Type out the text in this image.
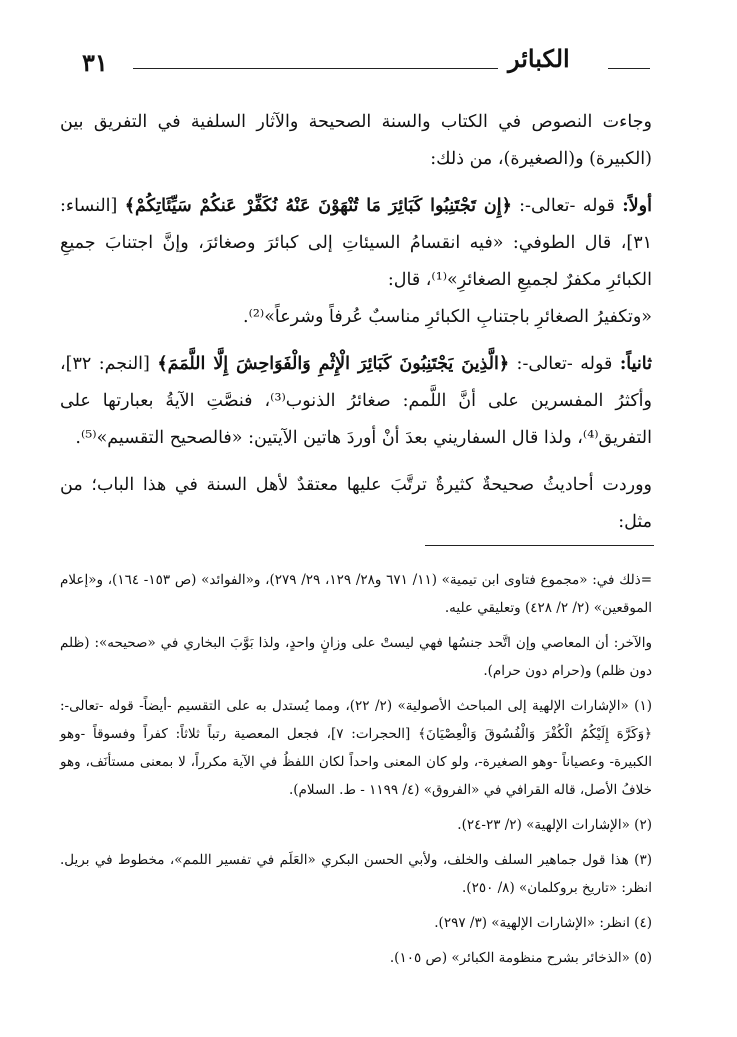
٣١	الكبائر

وجاءت النصوص في الكتاب والسنة الصحيحة والآثار السلفية في التفريق بين (الكبيرة) و(الصغيرة)، من ذلك:

أولاً: قوله -تعالى-: ﴿إِن تَجْتَنِبُوا كَبَائِرَ مَا تُنْهَوْنَ عَنْهُ نُكَفِّرْ عَنكُمْ سَيِّئَاتِكُمْ﴾ [النساء: ٣١]، قال الطوفي: «فيه انقسامُ السيئاتِ إلى كبائرَ وصغائرَ، وإنَّ اجتنابَ جميعِ الكبائرِ مكفرٌ لجميعِ الصغائرِ»⁽¹⁾، قال:

«وتكفيرُ الصغائرِ باجتنابِ الكبائرِ مناسبٌ عُرفاً وشرعاً»⁽²⁾.

ثانياً: قوله -تعالى-: ﴿الَّذِينَ يَجْتَنِبُونَ كَبَائِرَ الْإِثْمِ وَالْفَوَاحِشَ إِلَّا اللَّمَمَ﴾ [النجم: ٣٢]، وأكثرُ المفسرين على أنَّ اللَّمم: صغائرُ الذنوب⁽³⁾، فنصَّتِ الآيةُ بعبارتها على التفريق⁽⁴⁾، ولذا قال السفاريني بعدَ أنْ أوردَ هاتين الآيتين: «فالصحيح التقسيم»⁽⁵⁾.

ووردت أحاديثُ صحيحةٌ كثيرةٌ ترتَّبَ عليها معتقدٌ لأهل السنة في هذا الباب؛ من مثل:

=ذلك في: «مجموع فتاوى ابن تيمية» (١١/ ٦٧١ و٢٨/ ١٢٩، ٢٩/ ٢٧٩)، و«الفوائد» (ص ١٥٣- ١٦٤)، و«إعلام الموقعين» (٢/ ٢/ ٤٢٨) وتعليقي عليه.

والآخر: أن المعاصي وإن اتَّحد جنسُها فهي ليستْ على وزانٍ واحدٍ، ولذا بَوَّبَ البخاري في «صحيحه»: (ظلم دون ظلم) و(حرام دون حرام).

(١) «الإشارات الإلهية إلى المباحث الأصولية» (٢/ ٢٢)، ومما يُستدل به على التقسيم -أيضاً- قوله -تعالى-: ﴿وَكَرَّهَ إِلَيْكُمُ الْكُفْرَ وَالْفُسُوقَ وَالْعِصْيَانَ﴾ [الحجرات: ٧]، فجعل المعصية رتباً ثلاثاً: كفراً وفسوقاً -وهو الكبيرة- وعصياناً -وهو الصغيرة-، ولو كان المعنى واحداً لكان اللفظُ في الآية مكرراً، لا بمعنى مستأنَف، وهو خلافُ الأصل، قاله القرافي في «الفروق» (٤/ ١١٩٩ - ط. السلام).

(٢) «الإشارات الإلهية» (٢/ ٢٣-٢٤).

(٣) هذا قول جماهير السلف والخلف، ولأبي الحسن البكري «العَلَم في تفسير اللمم»، مخطوط في بريل. انظر: «تاريخ بروكلمان» (٨/ ٢٥٠).

(٤) انظر: «الإشارات الإلهية» (٣/ ٢٩٧).

(٥) «الذخائر بشرح منظومة الكبائر» (ص ١٠٥).
